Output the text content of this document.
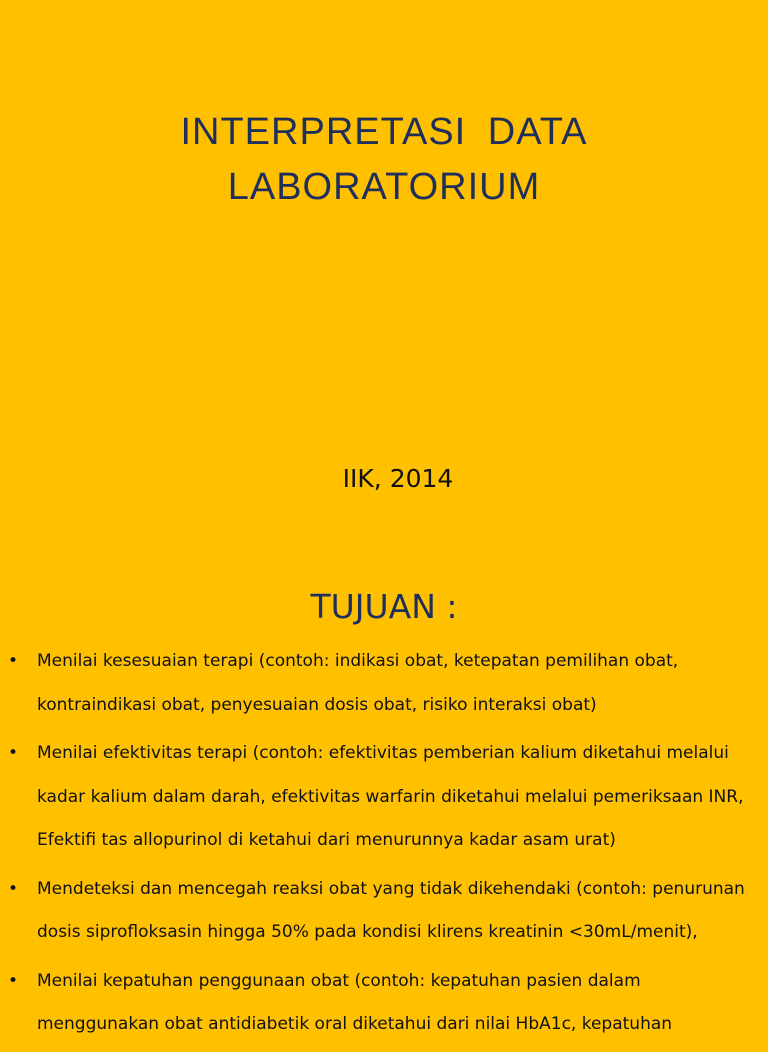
INTERPRETASI DATA
LABORATORIUM
IIK, 2014
TUJUAN :
• Menilai kesesuaian terapi (contoh: indikasi obat, ketepatan pemilihan obat, kontraindikasi obat, penyesuaian dosis obat, risiko interaksi obat)
• Menilai efektivitas terapi (contoh: efektivitas pemberian kalium diketahui melalui kadar kalium dalam darah, efektivitas warfarin diketahui melalui pemeriksaan INR, Efektifi tas allopurinol di ketahui dari menurunnya kadar asam urat)
• Mendeteksi dan mencegah reaksi obat yang tidak dikehendaki (contoh: penurunan dosis siprofloksasin hingga 50% pada kondisi klirens kreatinin <30mL/menit),
• Menilai kepatuhan penggunaan obat (contoh: kepatuhan pasien dalam menggunakan obat antidiabetik oral diketahui dari nilai HbA1c, kepatuhan
